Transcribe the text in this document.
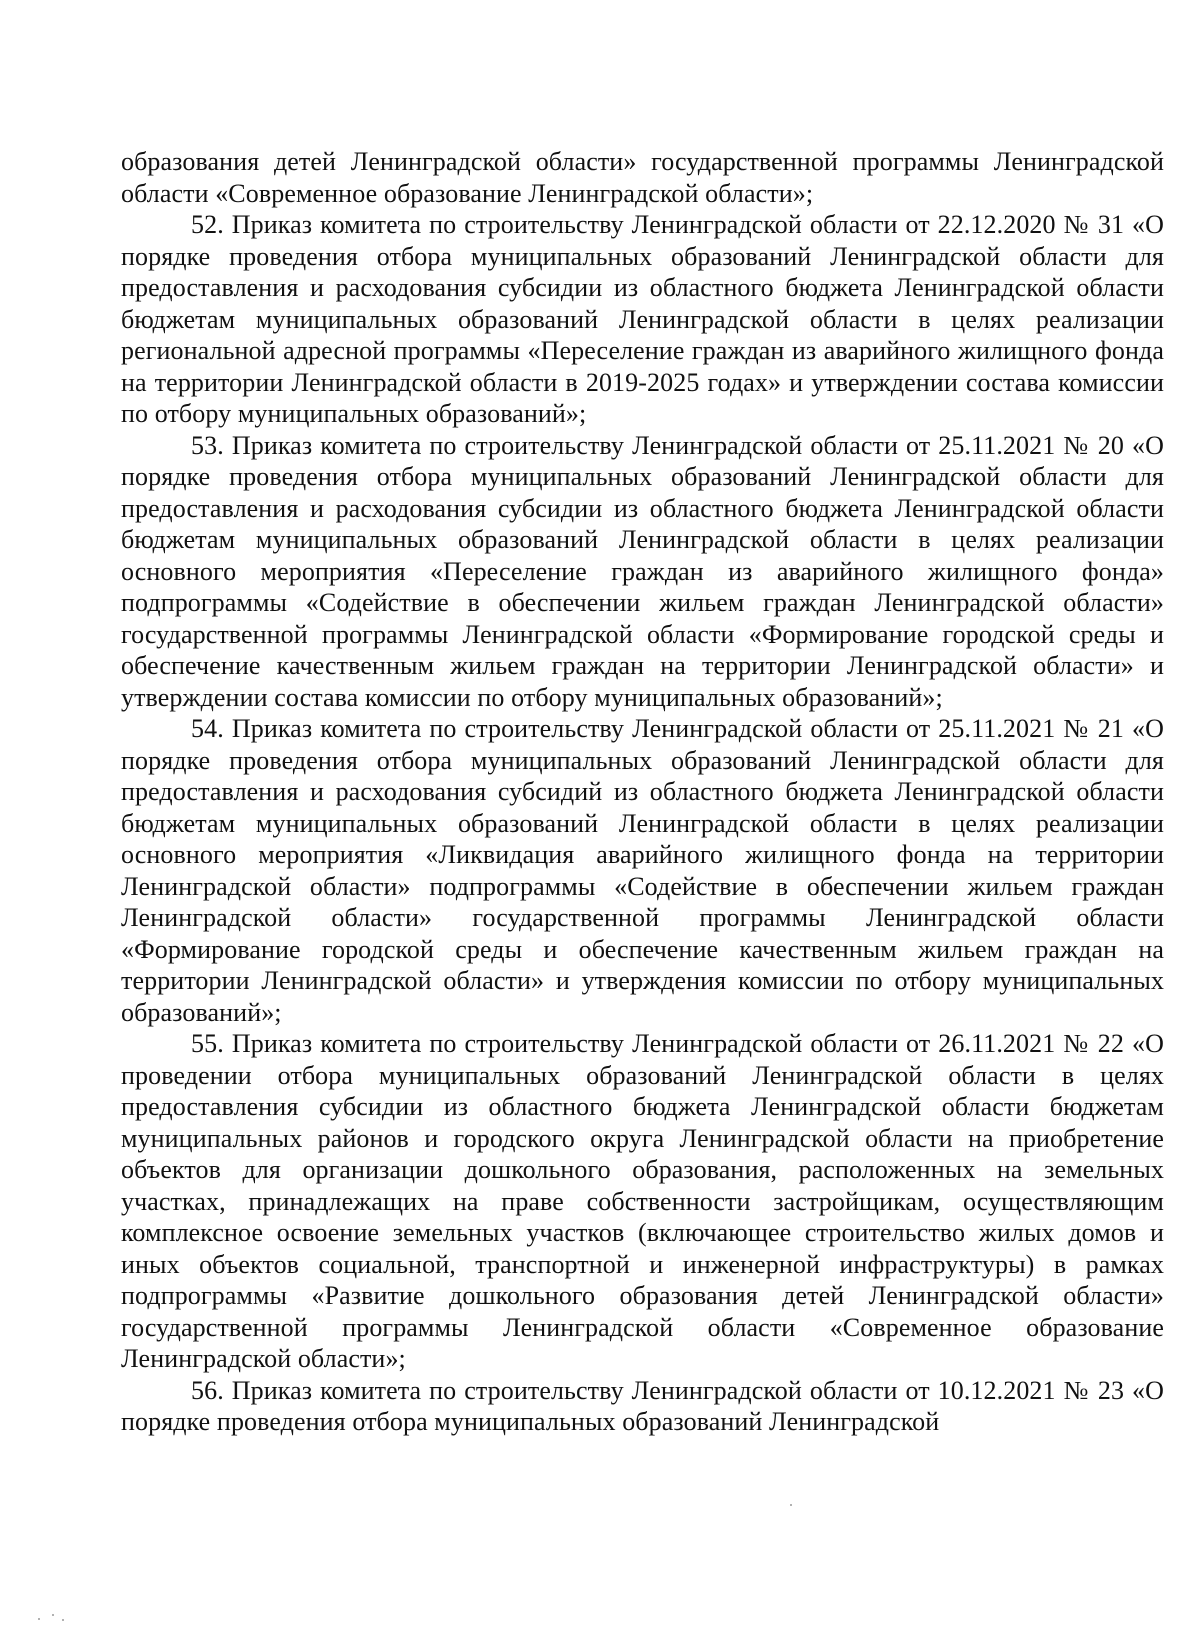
образования детей Ленинградской области» государственной программы Ленинградской области «Современное образование Ленинградской области»;

52. Приказ комитета по строительству Ленинградской области от 22.12.2020 № 31 «О порядке проведения отбора муниципальных образований Ленинградской области для предоставления и расходования субсидии из областного бюджета Ленинградской области бюджетам муниципальных образований Ленинградской области в целях реализации региональной адресной программы «Переселение граждан из аварийного жилищного фонда на территории Ленинградской области в 2019-2025 годах» и утверждении состава комиссии по отбору муниципальных образований»;

53. Приказ комитета по строительству Ленинградской области от 25.11.2021 № 20 «О порядке проведения отбора муниципальных образований Ленинградской области для предоставления и расходования субсидии из областного бюджета Ленинградской области бюджетам муниципальных образований Ленинградской области в целях реализации основного мероприятия «Переселение граждан из аварийного жилищного фонда» подпрограммы «Содействие в обеспечении жильем граждан Ленинградской области» государственной программы Ленинградской области «Формирование городской среды и обеспечение качественным жильем граждан на территории Ленинградской области» и утверждении состава комиссии по отбору муниципальных образований»;

54. Приказ комитета по строительству Ленинградской области от 25.11.2021 № 21 «О порядке проведения отбора муниципальных образований Ленинградской области для предоставления и расходования субсидий из областного бюджета Ленинградской области бюджетам муниципальных образований Ленинградской области в целях реализации основного мероприятия «Ликвидация аварийного жилищного фонда на территории Ленинградской области» подпрограммы «Содействие в обеспечении жильем граждан Ленинградской области» государственной программы Ленинградской области «Формирование городской среды и обеспечение качественным жильем граждан на территории Ленинградской области» и утверждения комиссии по отбору муниципальных образований»;

55. Приказ комитета по строительству Ленинградской области от 26.11.2021 № 22 «О проведении отбора муниципальных образований Ленинградской области в целях предоставления субсидии из областного бюджета Ленинградской области бюджетам муниципальных районов и городского округа Ленинградской области на приобретение объектов для организации дошкольного образования, расположенных на земельных участках, принадлежащих на праве собственности застройщикам, осуществляющим комплексное освоение земельных участков (включающее строительство жилых домов и иных объектов социальной, транспортной и инженерной инфраструктуры) в рамках подпрограммы «Развитие дошкольного образования детей Ленинградской области» государственной программы Ленинградской области «Современное образование Ленинградской области»;

56. Приказ комитета по строительству Ленинградской области от 10.12.2021 № 23 «О порядке проведения отбора муниципальных образований Ленинградской
